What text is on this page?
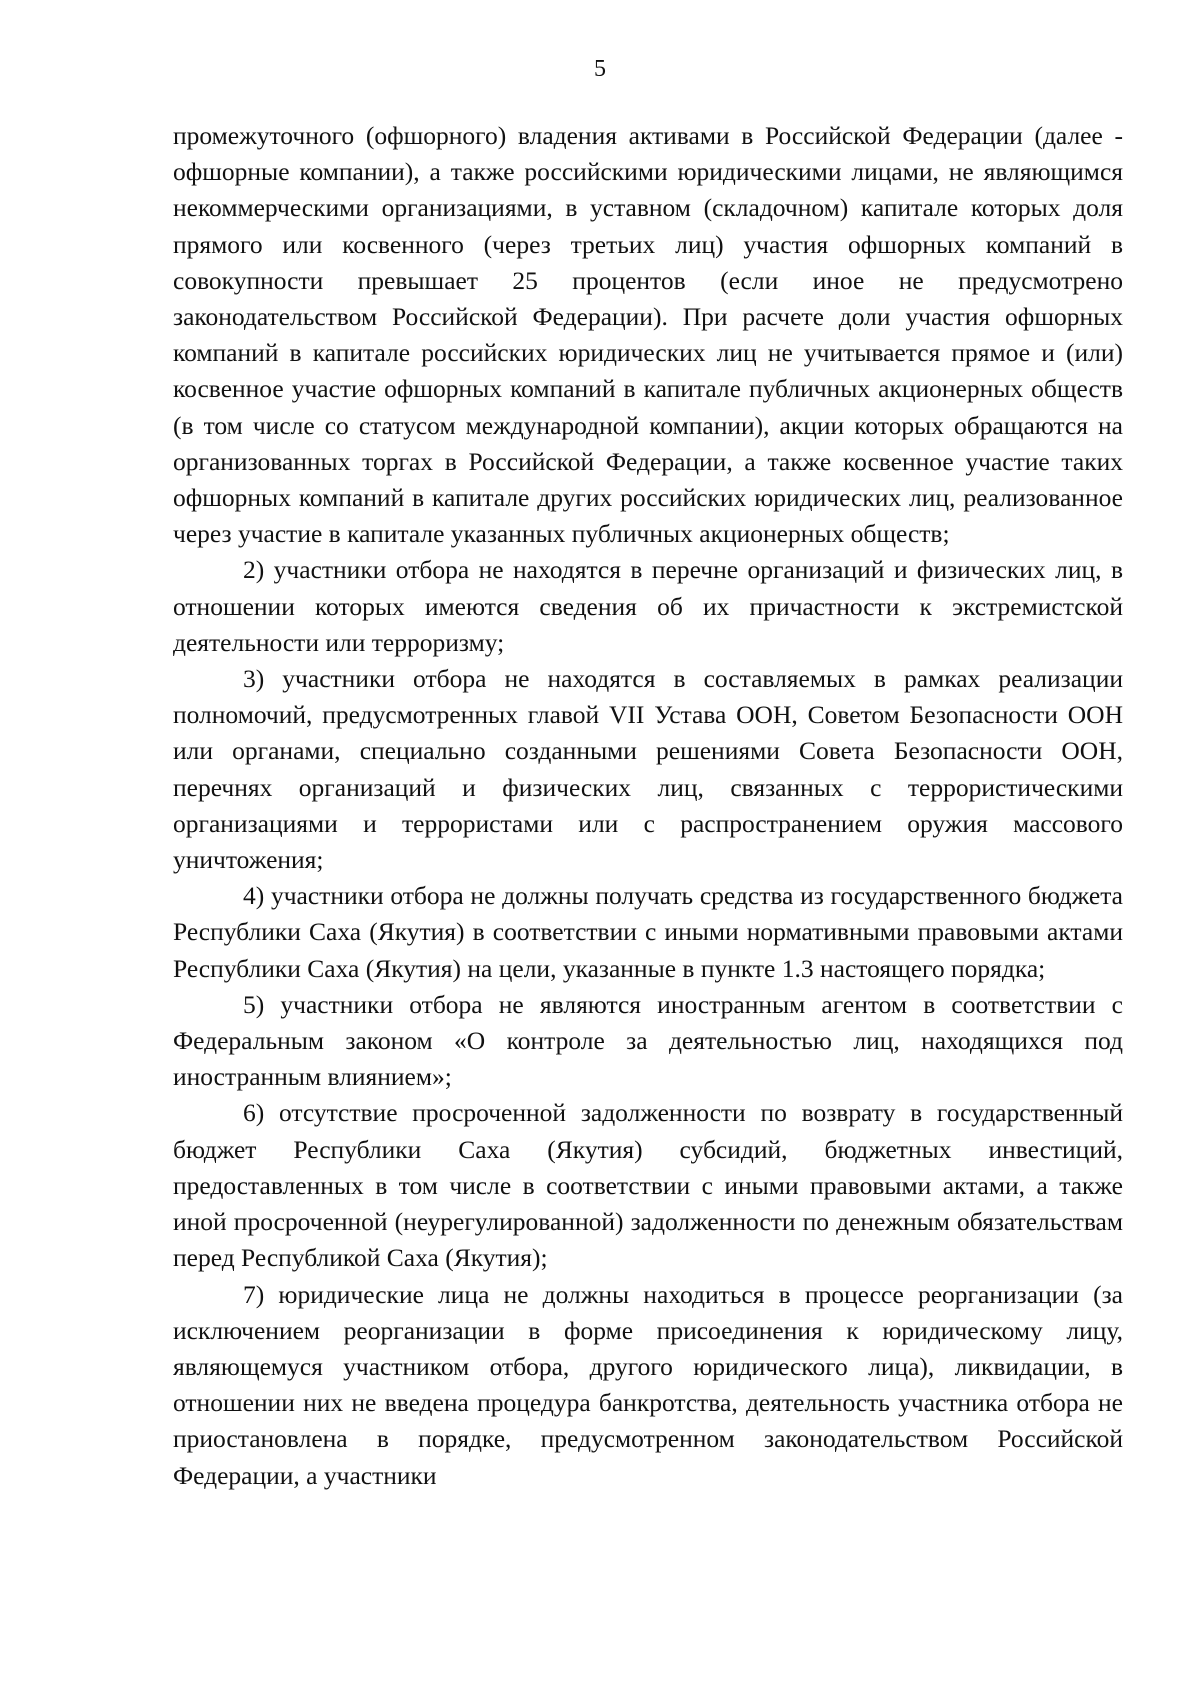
5

промежуточного (офшорного) владения активами в Российской Федерации (далее - офшорные компании), а также российскими юридическими лицами, не являющимся некоммерческими организациями, в уставном (складочном) капитале которых доля прямого или косвенного (через третьих лиц) участия офшорных компаний в совокупности превышает 25 процентов (если иное не предусмотрено законодательством Российской Федерации). При расчете доли участия офшорных компаний в капитале российских юридических лиц не учитывается прямое и (или) косвенное участие офшорных компаний в капитале публичных акционерных обществ (в том числе со статусом международной компании), акции которых обращаются на организованных торгах в Российской Федерации, а также косвенное участие таких офшорных компаний в капитале других российских юридических лиц, реализованное через участие в капитале указанных публичных акционерных обществ;

2) участники отбора не находятся в перечне организаций и физических лиц, в отношении которых имеются сведения об их причастности к экстремистской деятельности или терроризму;

3) участники отбора не находятся в составляемых в рамках реализации полномочий, предусмотренных главой VII Устава ООН, Советом Безопасности ООН или органами, специально созданными решениями Совета Безопасности ООН, перечнях организаций и физических лиц, связанных с террористическими организациями и террористами или с распространением оружия массового уничтожения;

4) участники отбора не должны получать средства из государственного бюджета Республики Саха (Якутия) в соответствии с иными нормативными правовыми актами Республики Саха (Якутия) на цели, указанные в пункте 1.3 настоящего порядка;

5) участники отбора не являются иностранным агентом в соответствии с Федеральным законом «О контроле за деятельностью лиц, находящихся под иностранным влиянием»;

6) отсутствие просроченной задолженности по возврату в государственный бюджет Республики Саха (Якутия) субсидий, бюджетных инвестиций, предоставленных в том числе в соответствии с иными правовыми актами, а также иной просроченной (неурегулированной) задолженности по денежным обязательствам перед Республикой Саха (Якутия);

7) юридические лица не должны находиться в процессе реорганизации (за исключением реорганизации в форме присоединения к юридическому лицу, являющемуся участником отбора, другого юридического лица), ликвидации, в отношении них не введена процедура банкротства, деятельность участника отбора не приостановлена в порядке, предусмотренном законодательством Российской Федерации, а участники
